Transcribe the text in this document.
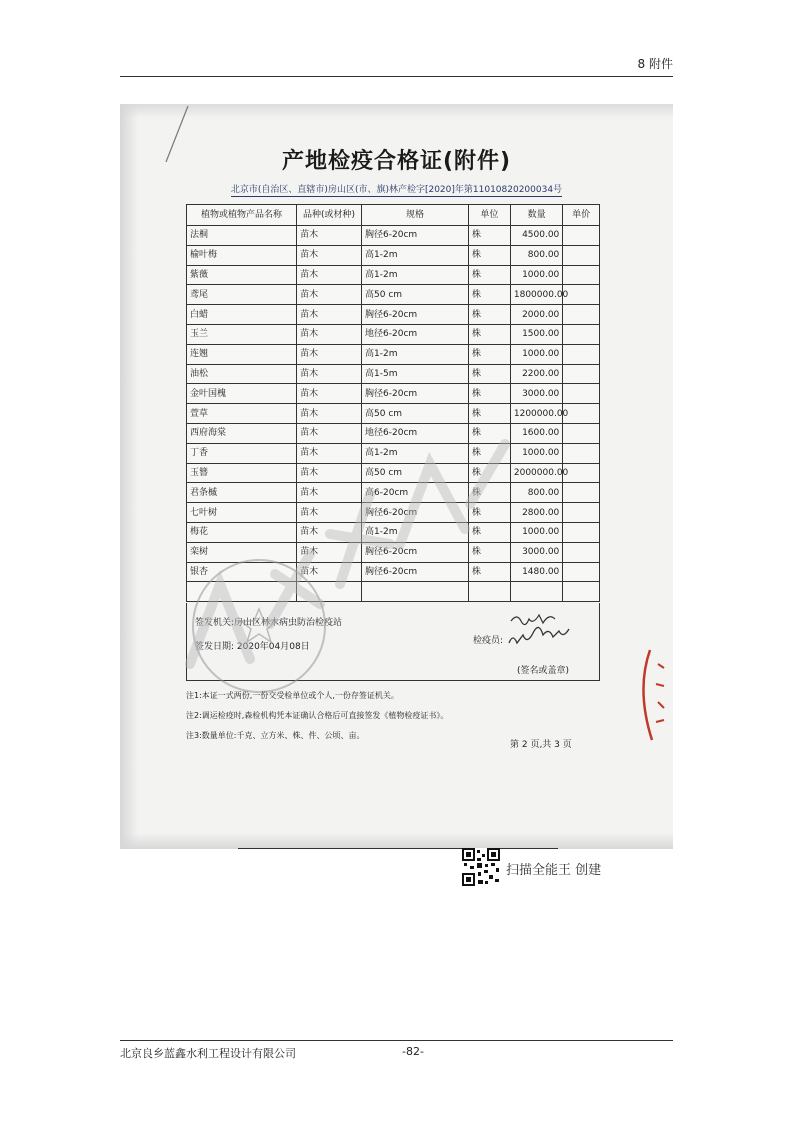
8 附件
产地检疫合格证(附件)
北京市(自治区、直辖市)房山区(市、旗)林产检字[2020]年第11010820200034号
植物或植物产品名称	品种(或材种)	规格	单位	数量	单价
法桐	苗木	胸径6-20cm	株	4500.00	
榆叶梅	苗木	高1-2m	株	800.00	
紫薇	苗木	高1-2m	株	1000.00	
鸢尾	苗木	高50 cm	株	1800000.00	
白蜡	苗木	胸径6-20cm	株	2000.00	
玉兰	苗木	地径6-20cm	株	1500.00	
连翘	苗木	高1-2m	株	1000.00	
油松	苗木	高1-5m	株	2200.00	
金叶国槐	苗木	胸径6-20cm	株	3000.00	
萱草	苗木	高50 cm	株	1200000.00	
西府海棠	苗木	地径6-20cm	株	1600.00	
丁香	苗木	高1-2m	株	1000.00	
玉簪	苗木	高50 cm	株	2000000.00	
君条槭	苗木	高6-20cm	株	800.00	
七叶树	苗木	胸径6-20cm	株	2800.00	
梅花	苗木	高1-2m	株	1000.00	
栾树	苗木	胸径6-20cm	株	3000.00	
银杏	苗木	胸径6-20cm	株	1480.00	

签发机关:房山区林木病虫防治检疫站
签发日期: 2020年04月08日
检疫员:
(签名或盖章)
注1:本证一式两份,一份交受检单位或个人,一份存签证机关。
注2:调运检疫时,森检机构凭本证确认合格后可直接签发《植物检疫证书》。
注3:数量单位:千克、立方米、株、件、公顷、亩。
第 2 页,共 3 页
扫描全能王 创建
北京良乡蓝鑫水利工程设计有限公司	-82-
